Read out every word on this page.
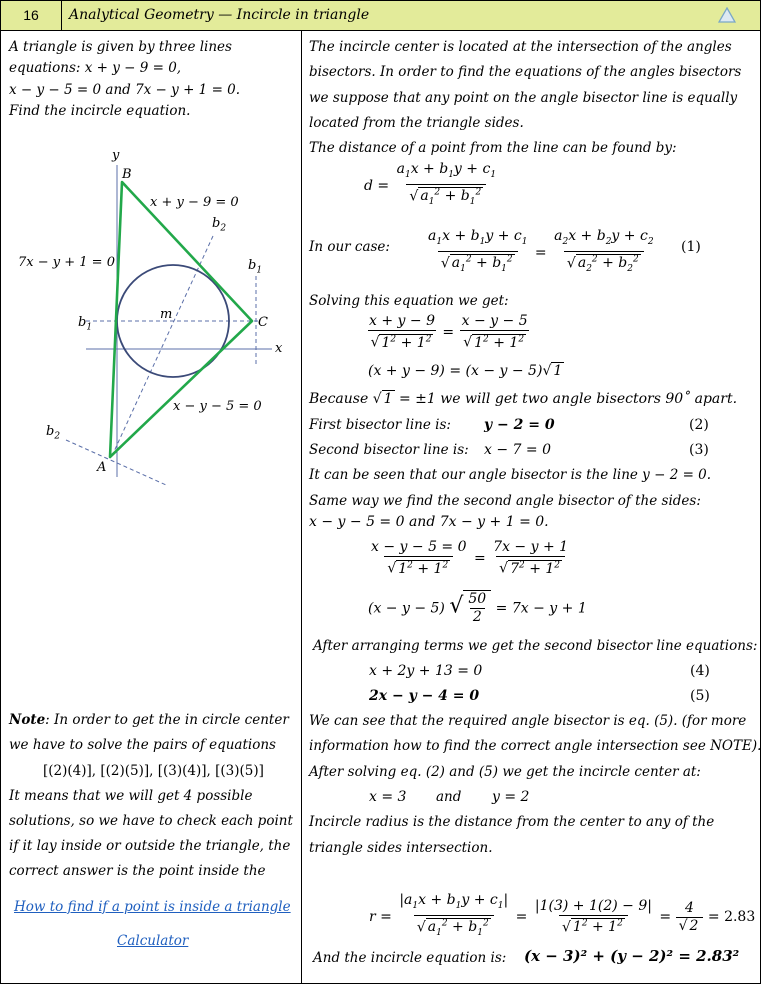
16	Analytical Geometry — Incircle in triangle
A triangle is given by three lines
equations: x + y − 9 = 0,
x − y − 5 = 0 and 7x − y + 1 = 0.
Find the incircle equation.
y
x
B
C
A
m
$b_1$
$b_1$
$b_2$
$b_2$
7x − y + 1 = 0
x + y − 9 = 0
x − y − 5 = 0
Note: In order to get the in circle center
we have to solve the pairs of equations
[(2)(4)], [(2)(5)], [(3)(4)], [(3)(5)]
It means that we will get 4 possible
solutions, so we have to check each point
if it lay inside or outside the triangle, the
correct answer is the point inside the
How to find if a point is inside a triangle
Calculator
The incircle center is located at the intersection of the angles
bisectors. In order to find the equations of the angles bisectors
we suppose that any point on the angle bisector line is equally
located from the triangle sides.
The distance of a point from the line can be found by:
$d = \frac{a_1x + b_1y + c_1}{√ a_1^2 + b_1^2}$
In our case:	$\frac{a_1x + b_1y + c_1}{√ a_1^2 + b_1^2} = \frac{a_2x + b_2y + c_2}{√ a_2^2 + b_2^2} (1)$
Solving this equation we get:
$\frac{x + y - 9}{√ 1^2 + 1^2} = \frac{x - y - 5}{√ 1^2 + 1^2}$
(x + y − 9) = (x − y − 5)√ 1
Because √ 1 = ±1 we will get two angle bisectors 90˚ apart.
First bisector line is: y − 2 = 0	(2)
Second bisector line is: x − 7 = 0	(3)
It can be seen that our angle bisector is the line y − 2 = 0.
Same way we find the second angle bisector of the sides:
x − y − 5 = 0 and 7x − y + 1 = 0.
$\frac{x - y - 5 = 0}{√ 1^2 + 1^2} = \frac{7x - y + 1}{√ 7^2 + 1^2}$
(x − y − 5) √ $\frac{50}{2} = 7x - y + 1$
After arranging terms we get the second bisector line equations:
x + 2y + 13 = 0	(4)
2x − y − 4 = 0	(5)
We can see that the required angle bisector is eq. (5). (for more
information how to find the correct angle intersection see NOTE).
After solving eq. (2) and (5) we get the incircle center at:
x = 3 and y = 2
Incircle radius is the distance from the center to any of the
triangle sides intersection.
$r = \frac{|a_1x + b_1y + c_1|}{√ a_1^2 + b_1^2} = \frac{|1(3) + 1(2) - 9|}{√ 1^2 + 1^2} = \frac{4}{√ 2} = 2.83$
And the incircle equation is: (x − 3)² + (y − 2)² = 2.83²
